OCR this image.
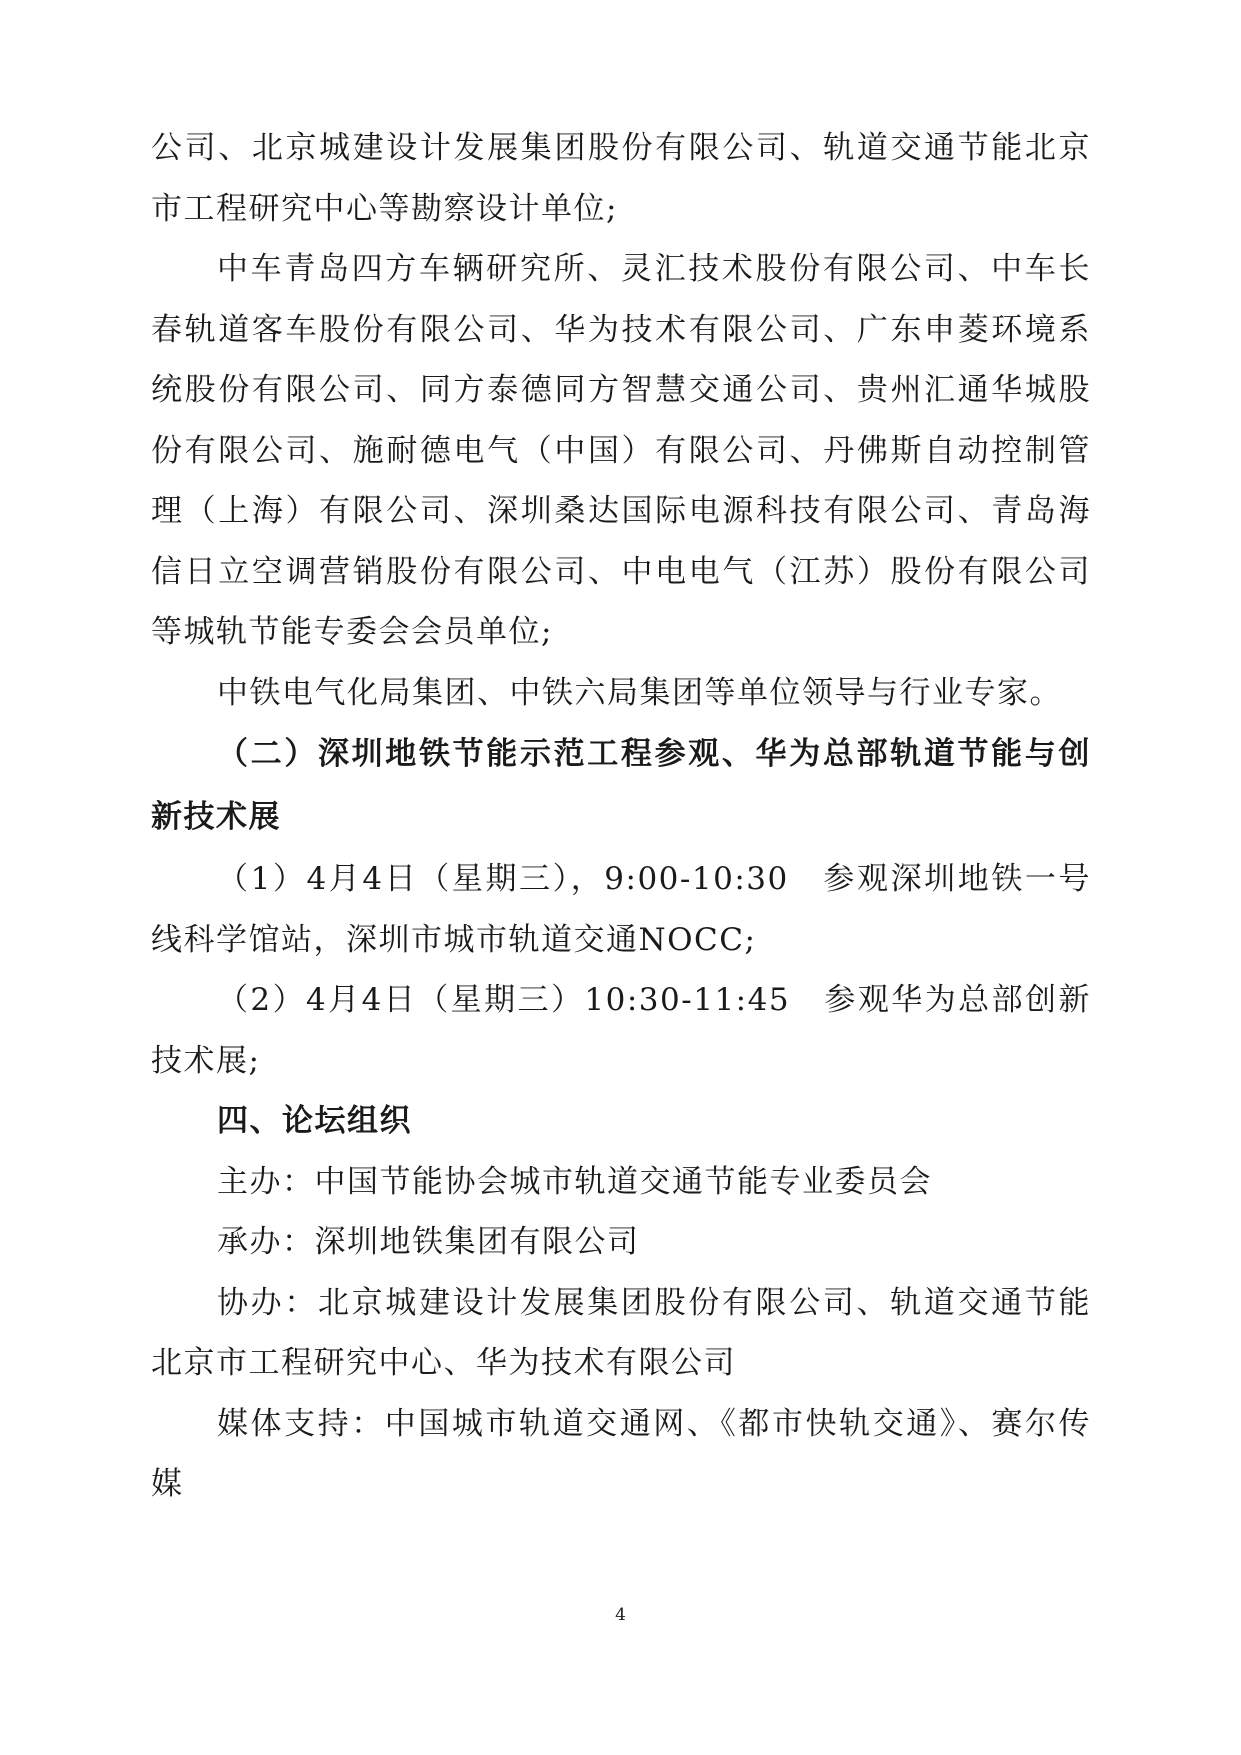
公司、北京城建设计发展集团股份有限公司、轨道交通节能北京市工程研究中心等勘察设计单位;

中车青岛四方车辆研究所、灵汇技术股份有限公司、中车长春轨道客车股份有限公司、华为技术有限公司、广东申菱环境系统股份有限公司、同方泰德同方智慧交通公司、贵州汇通华城股份有限公司、施耐德电气（中国）有限公司、丹佛斯自动控制管理（上海）有限公司、深圳桑达国际电源科技有限公司、青岛海信日立空调营销股份有限公司、中电电气（江苏）股份有限公司等城轨节能专委会会员单位;

中铁电气化局集团、中铁六局集团等单位领导与行业专家。

（二）深圳地铁节能示范工程参观、华为总部轨道节能与创新技术展

（1）4月4日（星期三），9:00-10:30　参观深圳地铁一号线科学馆站，深圳市城市轨道交通NOCC;

（2）4月4日（星期三）10:30-11:45　参观华为总部创新技术展;

四、论坛组织

主办：中国节能协会城市轨道交通节能专业委员会

承办：深圳地铁集团有限公司

协办：北京城建设计发展集团股份有限公司、轨道交通节能北京市工程研究中心、华为技术有限公司

媒体支持：中国城市轨道交通网、《都市快轨交通》、赛尔传媒

4
